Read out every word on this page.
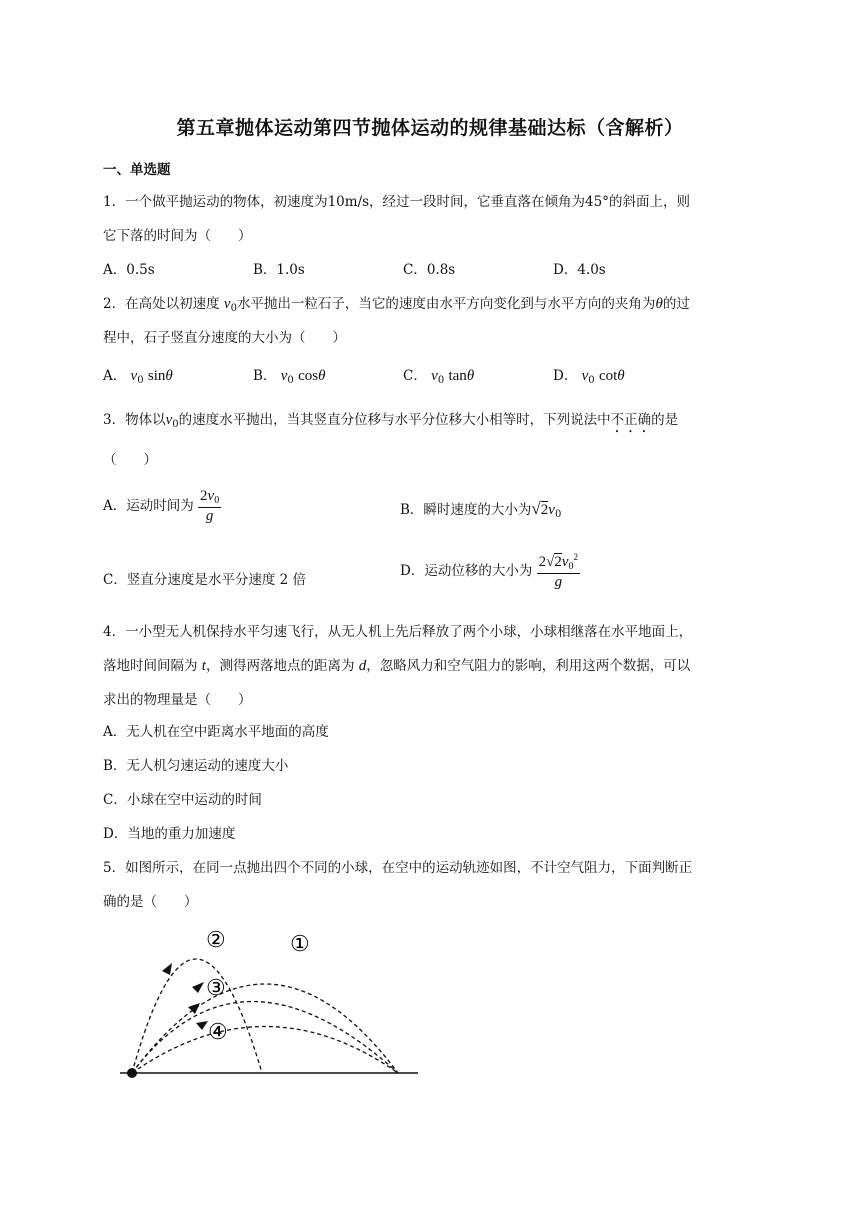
第五章抛体运动第四节抛体运动的规律基础达标（含解析）
一、单选题
1．一个做平抛运动的物体，初速度为10m/s，经过一段时间，它垂直落在倾角为45°的斜面上，则
它下落的时间为（　　）
A．0.5s	B．1.0s	C．0.8s	D．4.0s
2．在高处以初速度 $v_0$水平抛出一粒石子，当它的速度由水平方向变化到与水平方向的夹角为θ的过
程中，石子竖直分速度的大小为（　　）
A． $v_0$ sinθ	B． $v_0$ cosθ	C． $v_0$ tanθ	D． $v_0$ cotθ
3．物体以$v_0$的速度水平抛出，当其竖直分位移与水平分位移大小相等时，下列说法中不正确的是
（　　）
A．运动时间为 $\frac{2v_0}{g}$	B．瞬时速度的大小为$√2v_0$
C．竖直分速度是水平分速度 2 倍
D．运动位移的大小为 $\frac{2√2v_0^2}{g}$
4．一小型无人机保持水平匀速飞行，从无人机上先后释放了两个小球，小球相继落在水平地面上，
落地时间间隔为 t，测得两落地点的距离为 d，忽略风力和空气阻力的影响，利用这两个数据，可以
求出的物理量是（　　）
A．无人机在空中距离水平地面的高度
B．无人机匀速运动的速度大小
C．小球在空中运动的时间
D．当地的重力加速度
5．如图所示，在同一点抛出四个不同的小球，在空中的运动轨迹如图，不计空气阻力，下面判断正
确的是（　　）
②	①
③
④
